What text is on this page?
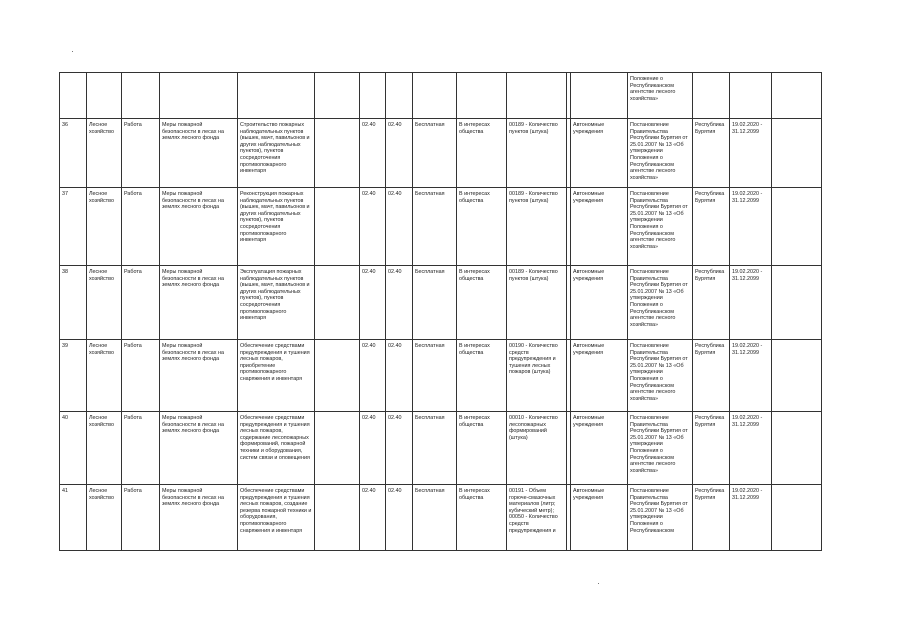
													Положение о Республиканском агентстве лесного хозяйства»			
36	Лесное хозяйство	Работа	Меры пожарной безопасности в лесах на землях лесного фонда	Строительство пожарных наблюдательных пунктов (вышек, мачт, павильонов и других наблюдательных пунктов), пунктов сосредоточения противопожарного инвентаря		02.40	02.40	Бесплатная	В интересах общества	00189 - Количество пунктов (штука)		Автономные учреждения	Постановление Правительства Республики Бурятия от 25.01.2007 № 13 «Об утверждении Положения о Республиканском агентстве лесного хозяйства»	Республика Бурятия	19.02.2020 - 31.12.2099	
37	Лесное хозяйство	Работа	Меры пожарной безопасности в лесах на землях лесного фонда	Реконструкция пожарных наблюдательных пунктов (вышек, мачт, павильонов и других наблюдательных пунктов), пунктов сосредоточения противопожарного инвентаря		02.40	02.40	Бесплатная	В интересах общества	00189 - Количество пунктов (штука)		Автономные учреждения	Постановление Правительства Республики Бурятия от 25.01.2007 № 13 «Об утверждении Положения о Республиканском агентстве лесного хозяйства»	Республика Бурятия	19.02.2020 - 31.12.2099	
38	Лесное хозяйство	Работа	Меры пожарной безопасности в лесах на землях лесного фонда	Эксплуатация пожарных наблюдательных пунктов (вышек, мачт, павильонов и других наблюдательных пунктов), пунктов сосредоточения противопожарного инвентаря		02.40	02.40	Бесплатная	В интересах общества	00189 - Количество пунктов (штука)		Автономные учреждения	Постановление Правительства Республики Бурятия от 25.01.2007 № 13 «Об утверждении Положения о Республиканском агентстве лесного хозяйства»	Республика Бурятия	19.02.2020 - 31.12.2099	
39	Лесное хозяйство	Работа	Меры пожарной безопасности в лесах на землях лесного фонда	Обеспечение средствами предупреждения и тушения лесных пожаров, приобретение противопожарного снаряжения и инвентаря		02.40	02.40	Бесплатная	В интересах общества	00190 - Количество средств предупреждения и тушения лесных пожаров (штука)		Автономные учреждения	Постановление Правительства Республики Бурятия от 25.01.2007 № 13 «Об утверждении Положения о Республиканском агентстве лесного хозяйства»	Республика Бурятия	19.02.2020 - 31.12.2099	
40	Лесное хозяйство	Работа	Меры пожарной безопасности в лесах на землях лесного фонда	Обеспечение средствами предупреждения и тушения лесных пожаров, содержание лесопожарных формирований, пожарной техники и оборудования, систем связи и оповещения		02.40	02.40	Бесплатная	В интересах общества	00010 - Количество лесопожарных формирований (штука)		Автономные учреждения	Постановление Правительства Республики Бурятия от 25.01.2007 № 13 «Об утверждении Положения о Республиканском агентстве лесного хозяйства»	Республика Бурятия	19.02.2020 - 31.12.2099	
41	Лесное хозяйство	Работа	Меры пожарной безопасности в лесах на землях лесного фонда	Обеспечение средствами предупреждения и тушения лесных пожаров, создание резерва пожарной техники и оборудования, противопожарного снаряжения и инвентаря		02.40	02.40	Бесплатная	В интересах общества	00191 - Объем горюче-смазочных материалов (литр; кубический метр); 00050 - Количество средств предупреждения и		Автономные учреждения	Постановление Правительства Республики Бурятия от 25.01.2007 № 13 «Об утверждении Положения о Республиканском	Республика Бурятия	19.02.2020 - 31.12.2099	
